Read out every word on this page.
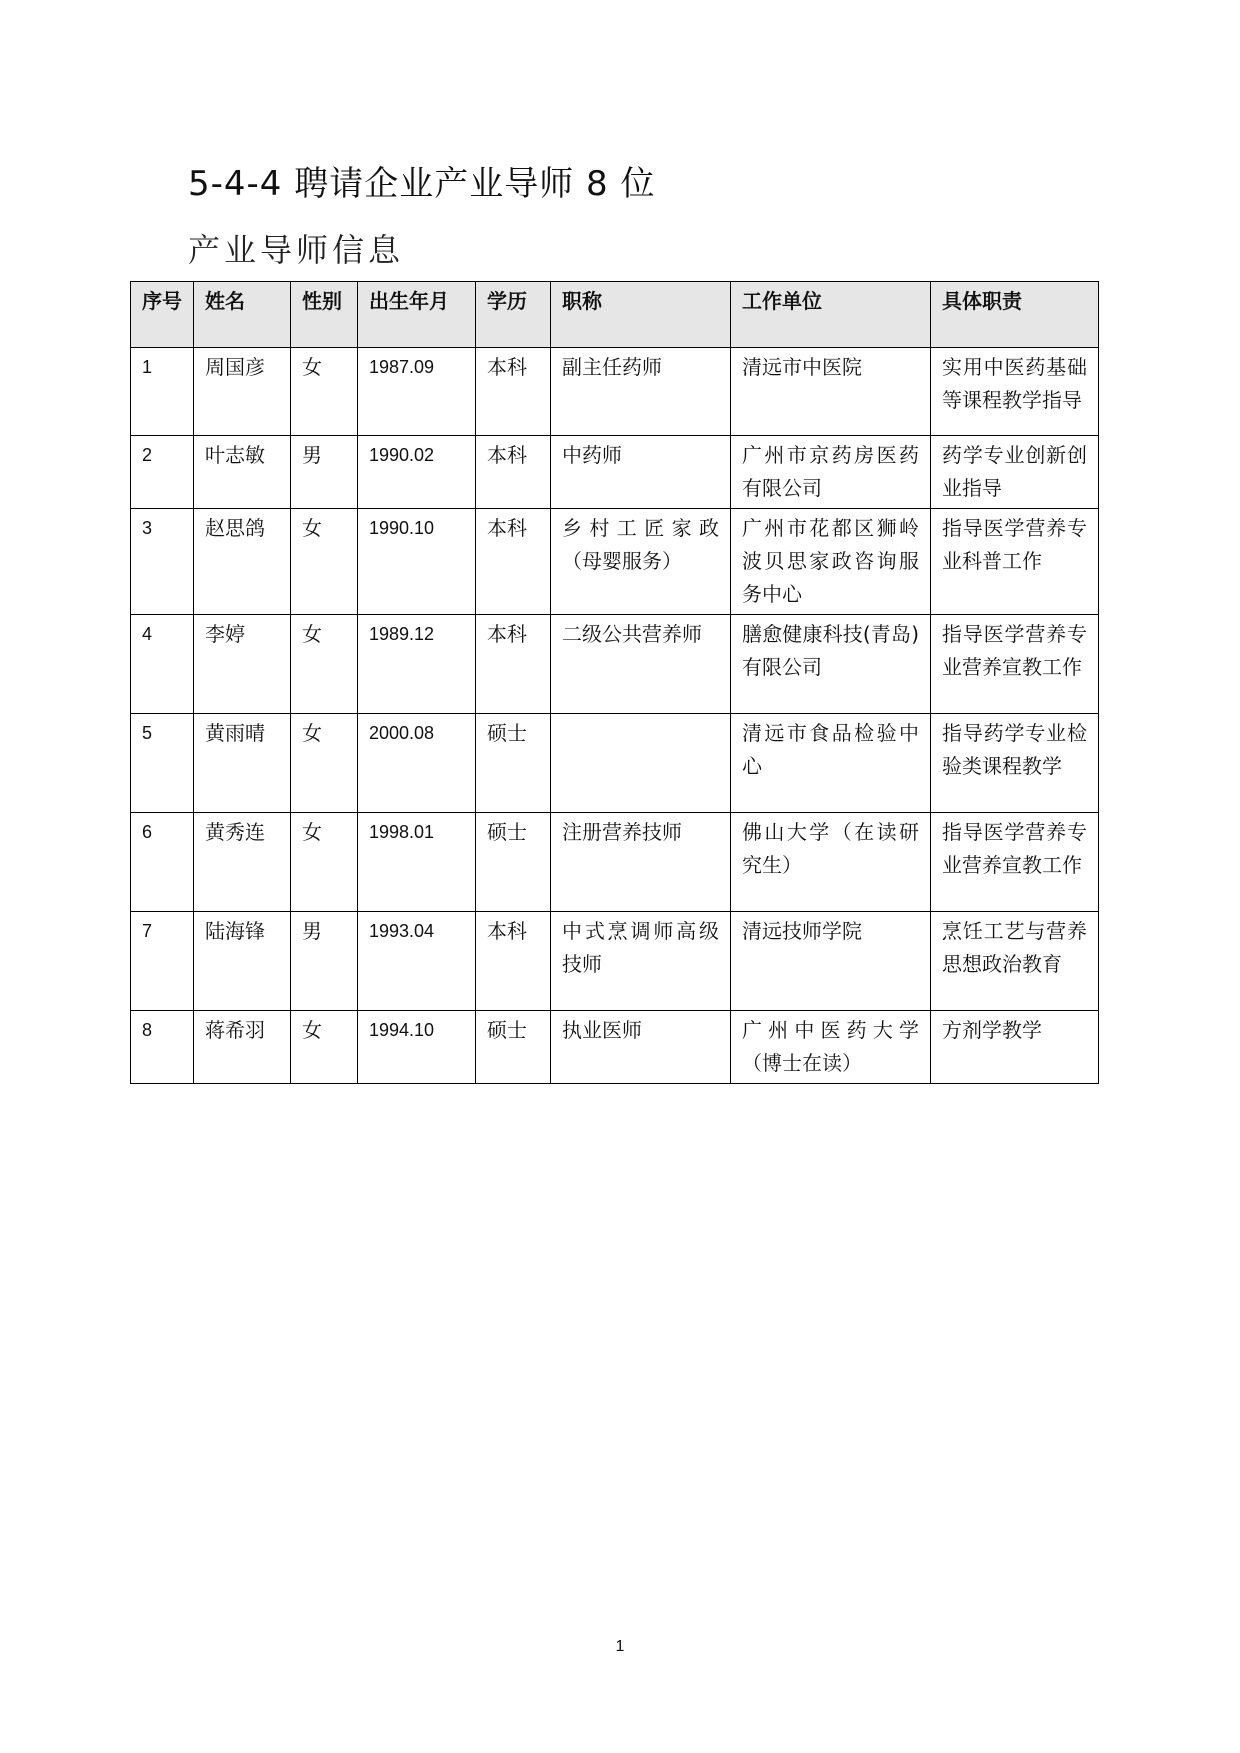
5-4-4 聘请企业产业导师 8 位
产业导师信息
序号	姓名	性别	出生年月	学历	职称	工作单位	具体职责
1	周国彦	女	1987.09	本科	副主任药师	清远市中医院	实用中医药基础等课程教学指导
2	叶志敏	男	1990.02	本科	中药师	广州市京药房医药有限公司	药学专业创新创业指导
3	赵思鸽	女	1990.10	本科	乡村工匠家政（母婴服务）	广州市花都区狮岭波贝思家政咨询服务中心	指导医学营养专业科普工作
4	李婷	女	1989.12	本科	二级公共营养师	膳愈健康科技(青岛)有限公司	指导医学营养专业营养宣教工作
5	黄雨晴	女	2000.08	硕士		清远市食品检验中心	指导药学专业检验类课程教学
6	黄秀连	女	1998.01	硕士	注册营养技师	佛山大学（在读研究生）	指导医学营养专业营养宣教工作
7	陆海锋	男	1993.04	本科	中式烹调师高级技师	清远技师学院	烹饪工艺与营养思想政治教育
8	蒋希羽	女	1994.10	硕士	执业医师	广州中医药大学（博士在读）	方剂学教学
1
